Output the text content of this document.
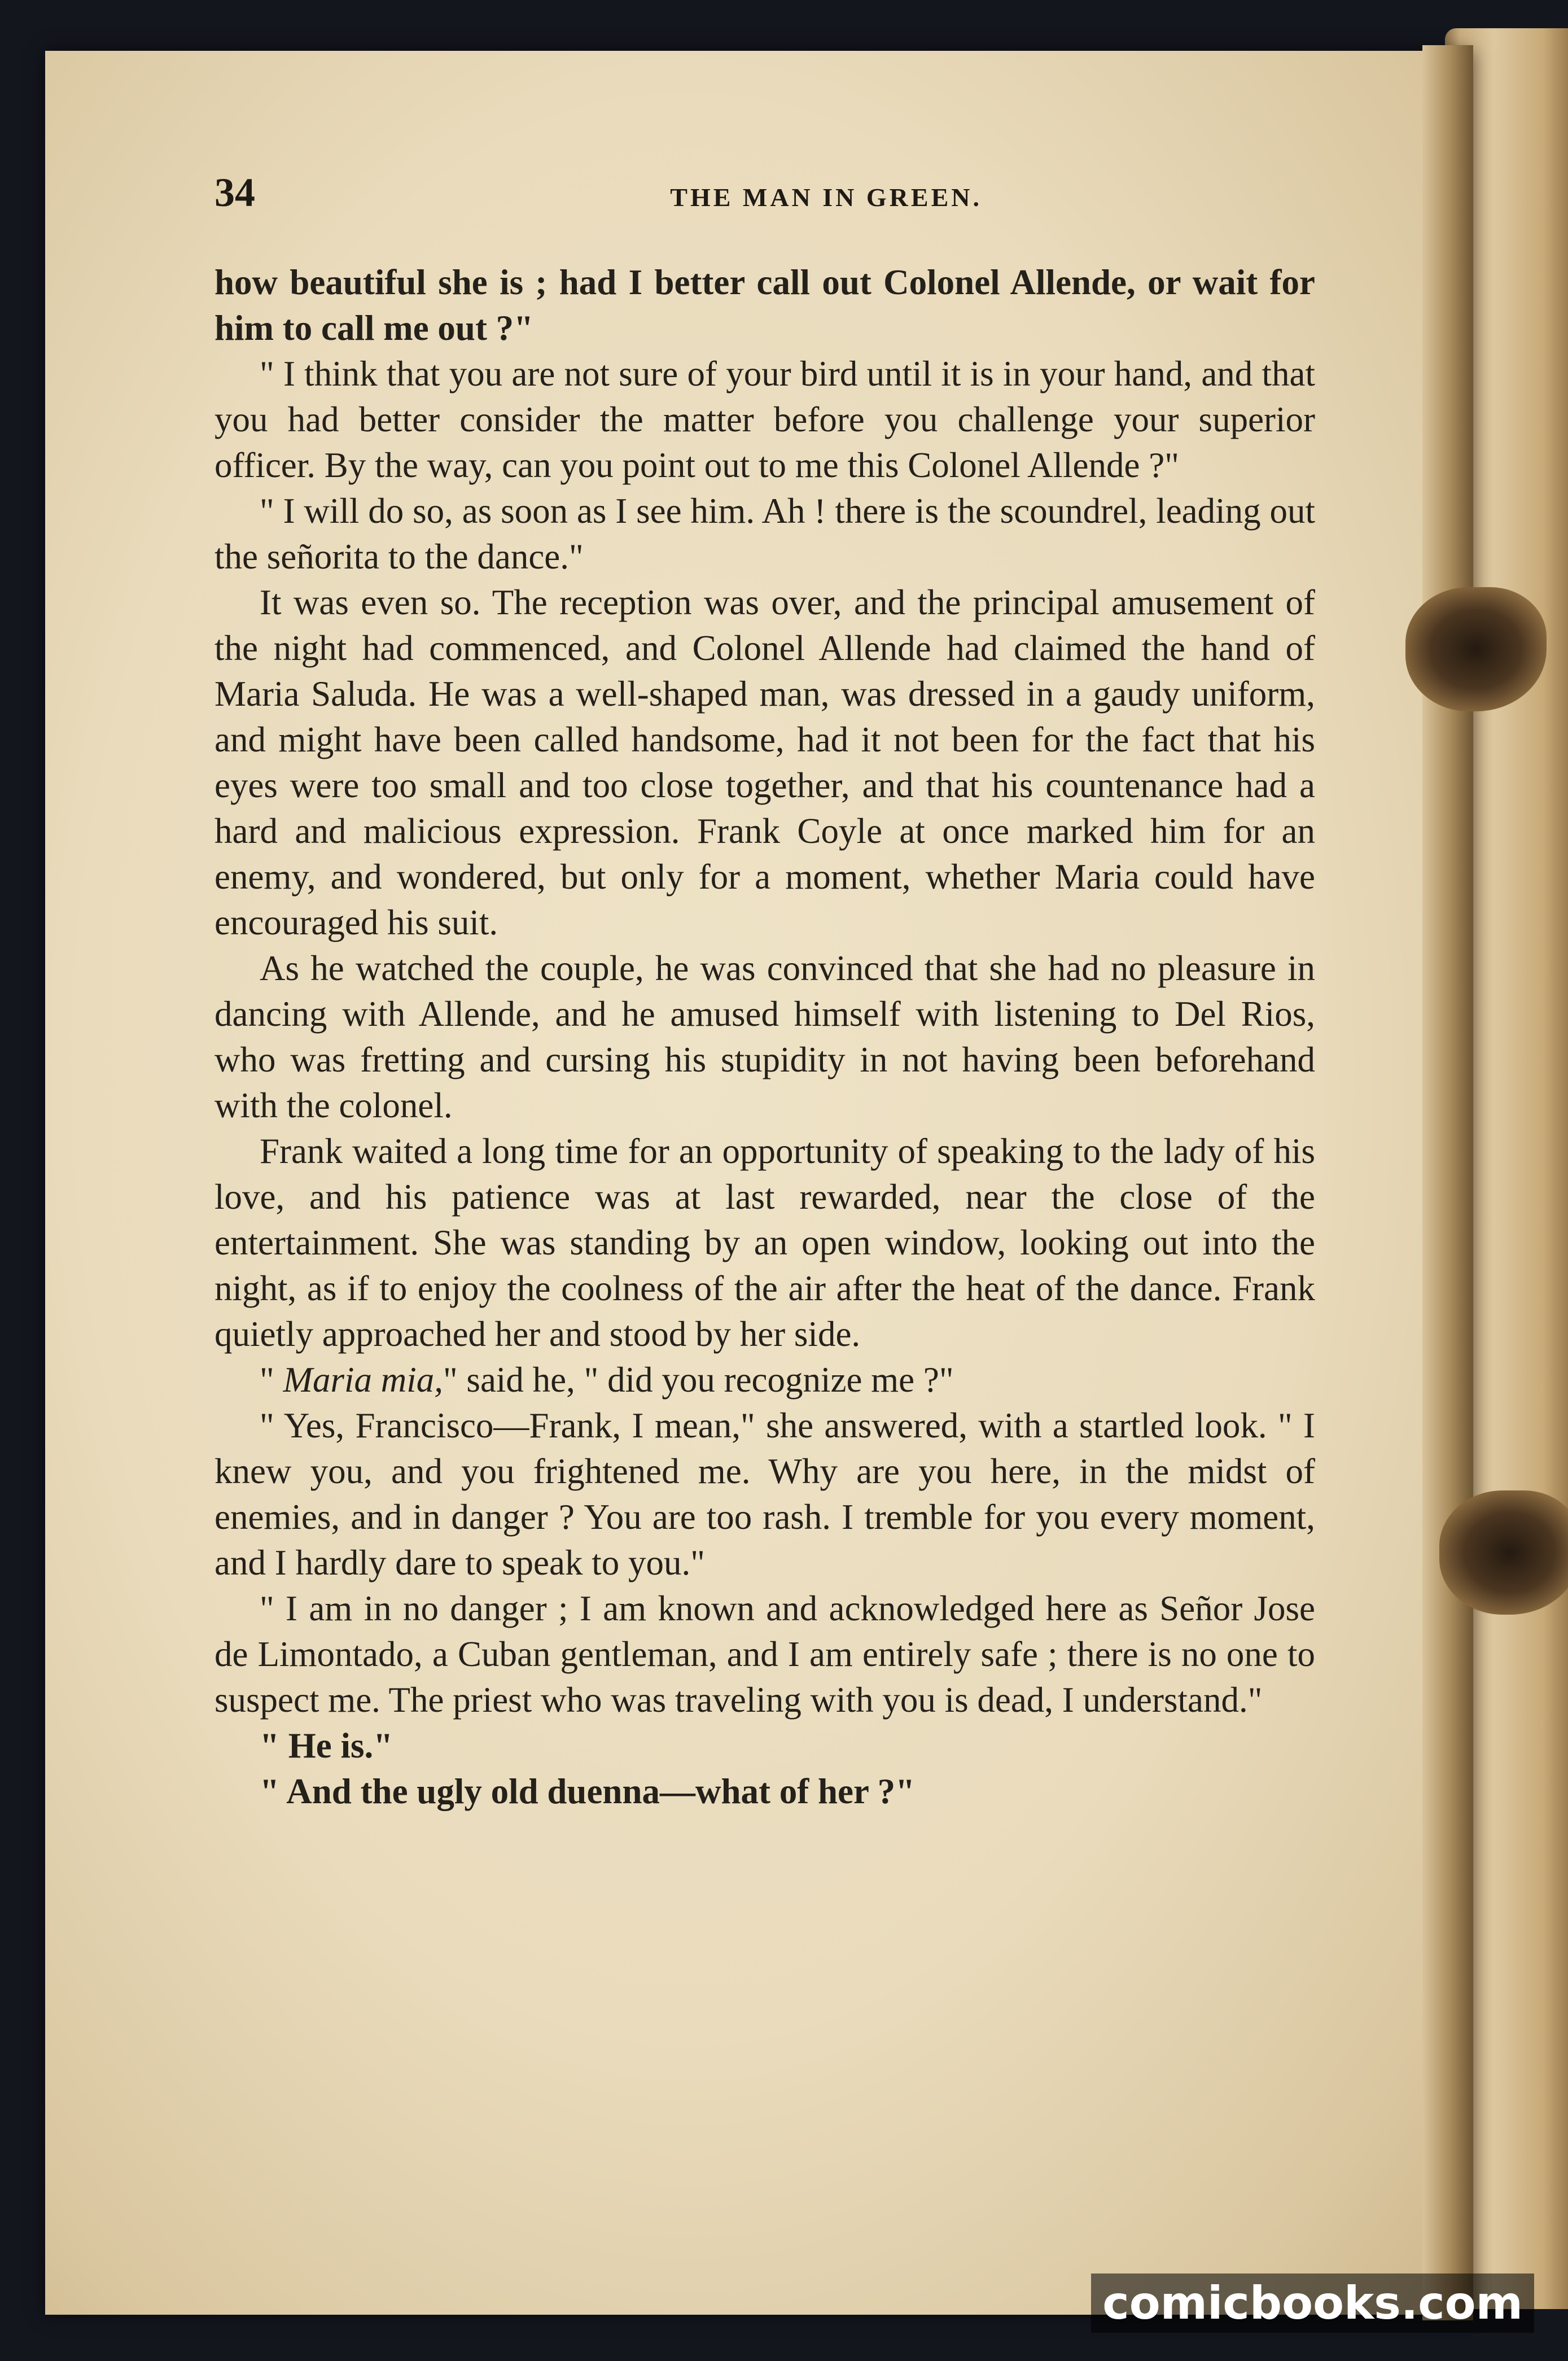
34	THE MAN IN GREEN.

how beautiful she is ; had I better call out Colonel Allende, or wait for him to call me out ?"

" I think that you are not sure of your bird until it is in your hand, and that you had better consider the matter before you challenge your superior officer. By the way, can you point out to me this Colonel Allende ?"

" I will do so, as soon as I see him. Ah ! there is the scoundrel, leading out the señorita to the dance."

It was even so. The reception was over, and the principal amusement of the night had commenced, and Colonel Allende had claimed the hand of Maria Saluda. He was a well-shaped man, was dressed in a gaudy uniform, and might have been called handsome, had it not been for the fact that his eyes were too small and too close together, and that his countenance had a hard and malicious expression. Frank Coyle at once marked him for an enemy, and wondered, but only for a moment, whether Maria could have encouraged his suit.

As he watched the couple, he was convinced that she had no pleasure in dancing with Allende, and he amused himself with listening to Del Rios, who was fretting and cursing his stupidity in not having been beforehand with the colonel.

Frank waited a long time for an opportunity of speaking to the lady of his love, and his patience was at last rewarded, near the close of the entertainment. She was standing by an open window, looking out into the night, as if to enjoy the coolness of the air after the heat of the dance. Frank quietly approached her and stood by her side.

" Maria mia," said he, " did you recognize me ?"

" Yes, Francisco—Frank, I mean," she answered, with a startled look. " I knew you, and you frightened me. Why are you here, in the midst of enemies, and in danger ? You are too rash. I tremble for you every moment, and I hardly dare to speak to you."

" I am in no danger ; I am known and acknowledged here as Señor Jose de Limontado, a Cuban gentleman, and I am entirely safe ; there is no one to suspect me. The priest who was traveling with you is dead, I understand."

" He is."

" And the ugly old duenna—what of her ?"

comicbooks.com
